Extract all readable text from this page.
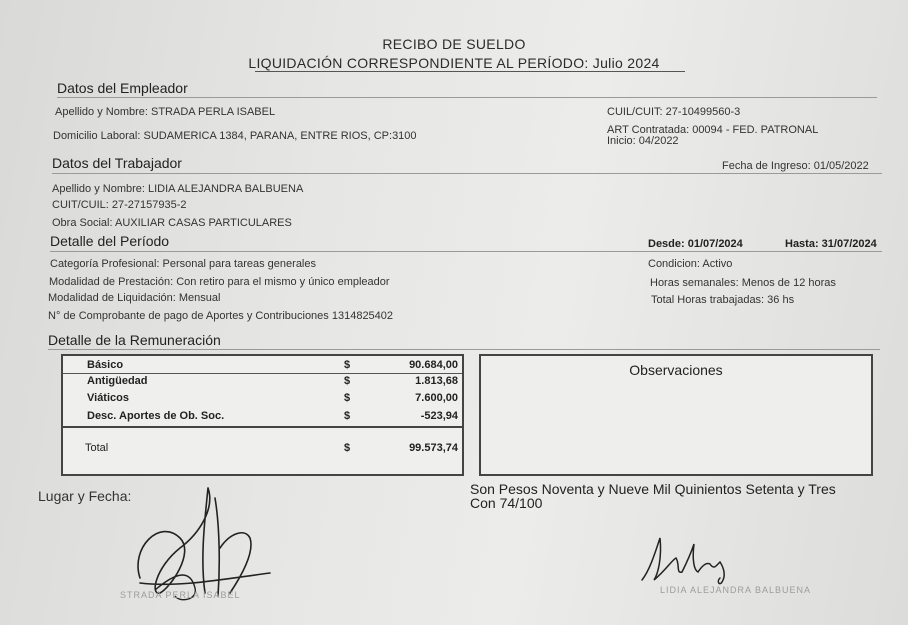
RECIBO DE SUELDO
LIQUIDACIÓN CORRESPONDIENTE AL PERÍODO: Julio 2024
Datos del Empleador
Apellido y Nombre: STRADA PERLA ISABEL	CUIL/CUIT: 27-10499560-3
Domicilio Laboral: SUDAMERICA 1384, PARANA, ENTRE RIOS, CP:3100	ART Contratada: 00094 - FED. PATRONAL
Inicio: 04/2022
Datos del Trabajador	Fecha de Ingreso: 01/05/2022
Apellido y Nombre: LIDIA ALEJANDRA BALBUENA
CUIT/CUIL: 27-27157935-2
Obra Social: AUXILIAR CASAS PARTICULARES
Detalle del Período	Desde: 01/07/2024	Hasta: 31/07/2024
Categoría Profesional: Personal para tareas generales	Condicion: Activo
Modalidad de Prestación: Con retiro para el mismo y único empleador	Horas semanales: Menos de 12 horas
Modalidad de Liquidación: Mensual	Total Horas trabajadas: 36 hs
N° de Comprobante de pago de Aportes y Contribuciones 1314825402
Detalle de la Remuneración
Básico	$	90.684,00
Antigüedad	$	1.813,68
Viáticos	$	7.600,00
Desc. Aportes de Ob. Soc.	$	-523,94
Total	$	99.573,74
Observaciones
Lugar y Fecha:	Son Pesos Noventa y Nueve Mil Quinientos Setenta y Tres
Con 74/100
STRADA PERLA ISABEL	LIDIA ALEJANDRA BALBUENA
